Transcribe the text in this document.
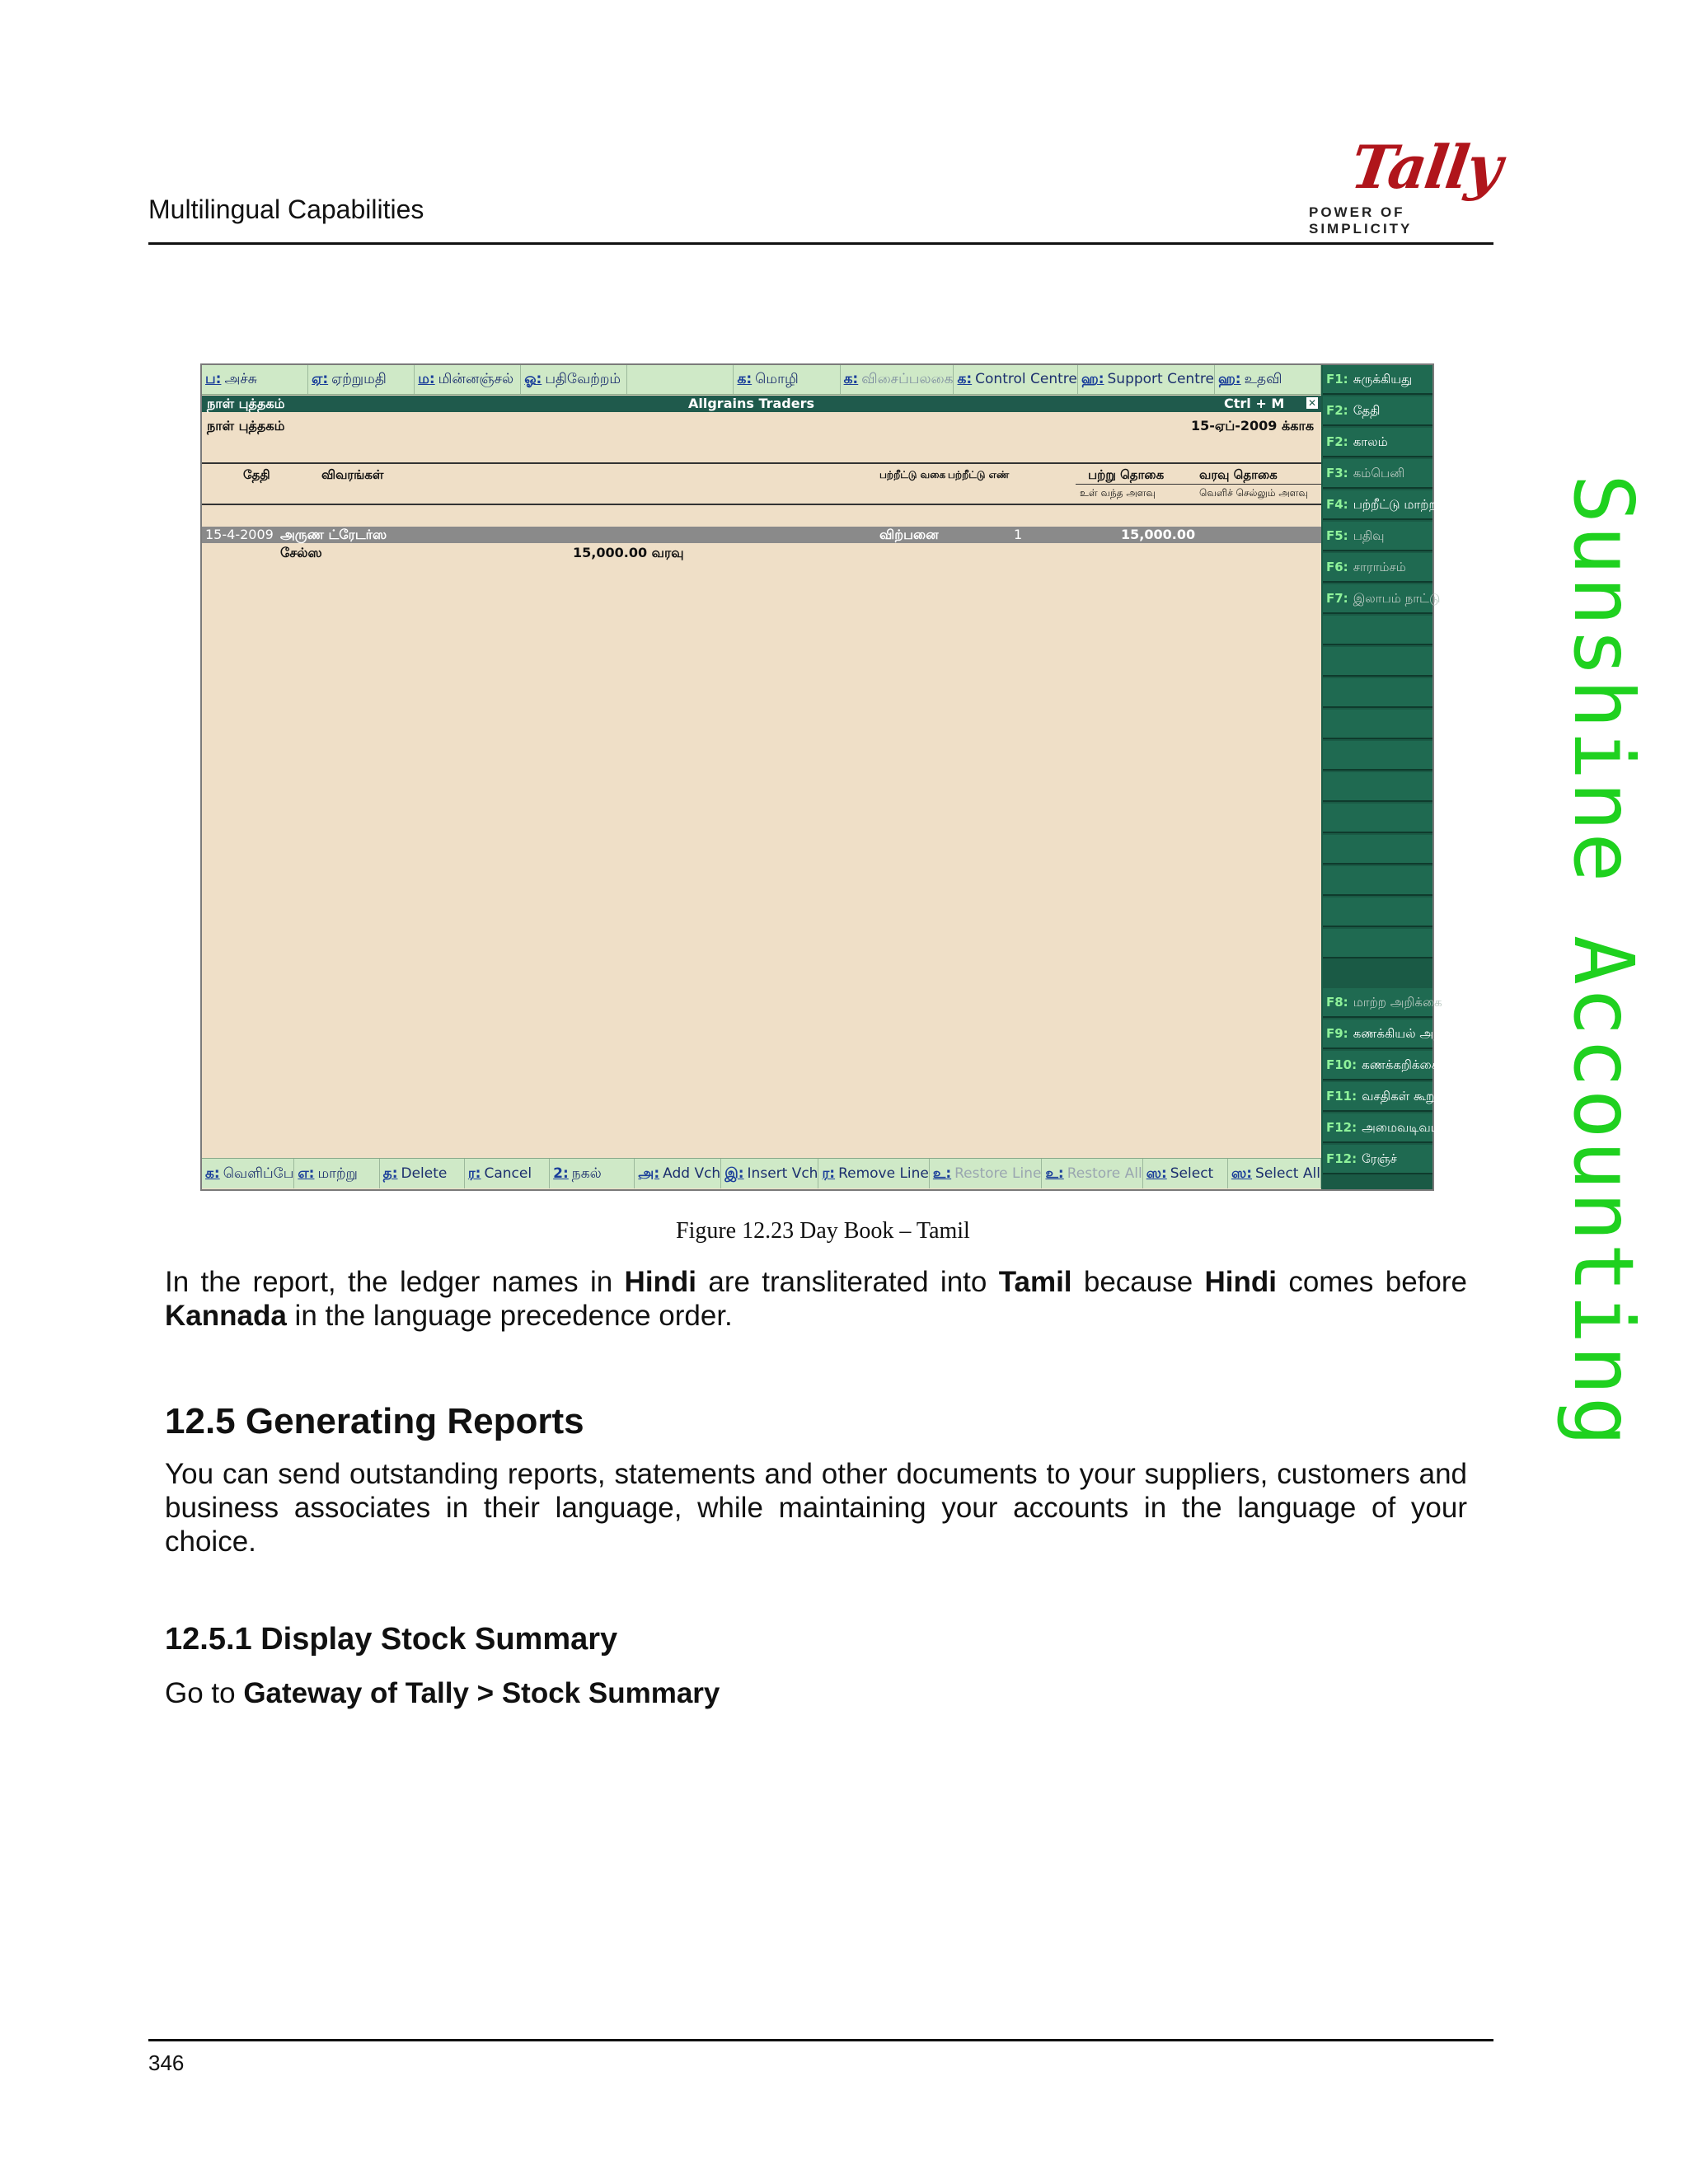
Multilingual Capabilities
Tally
POWER OF SIMPLICITY
Sunshine Accounting
ப: அச்சு	ஏ: ஏற்றுமதி	ம: மின்னஞ்சல் ஓ: பதிவேற்றம்	க: மொழி	க: விசைப்பலகை க: Control Centre ஹ: Support Centre ஹ: உதவி
நாள் புத்தகம்	Allgrains Traders	Ctrl + M ✕
நாள் புத்தகம்	15-ஏப்-2009 க்காக
தேதி	விவரங்கள்	பற்றீட்டு வகை பற்றீட்டு எண்	பற்று தொகை	வரவு தொகை
உள் வந்த அளவு	வெளிச் செல்லும் அளவு
15-4-2009 அருண ட்ரேடர்ஸ	விற்பனை	1	15,000.00
சேல்ஸ	15,000.00 வரவு
க: வெளிப்பே எ: மாற்று	த: Delete	ர: Cancel	2: நகல்	அ: Add Vch இ: Insert Vch ர: Remove Line உ: Restore Line உ: Restore All ஸ: Select	ஸ: Select All
F1: சுருக்கியது
F2: தேதி
F2: காலம்
F3: கம்பெனி
F4: பற்றீட்டு மாற்றம்
F5: பதிவு
F6: சாராம்சம்
F7: இலாபம் நாட்டு
F8: மாற்ற அறிக்கை
F9: கணக்கியல் அறிக்கை
F10: கணக்கறிக்கை
F11: வசதிகள் கூறுகள்
F12: அமைவடிவம்
F12: ரேஞ்ச்
Figure 12.23 Day Book – Tamil
In the report, the ledger names in Hindi are transliterated into Tamil because Hindi comes before Kannada in the language precedence order.
12.5 Generating Reports
You can send outstanding reports, statements and other documents to your suppliers, customers and business associates in their language, while maintaining your accounts in the language of your choice.
12.5.1 Display Stock Summary
Go to Gateway of Tally > Stock Summary
346
